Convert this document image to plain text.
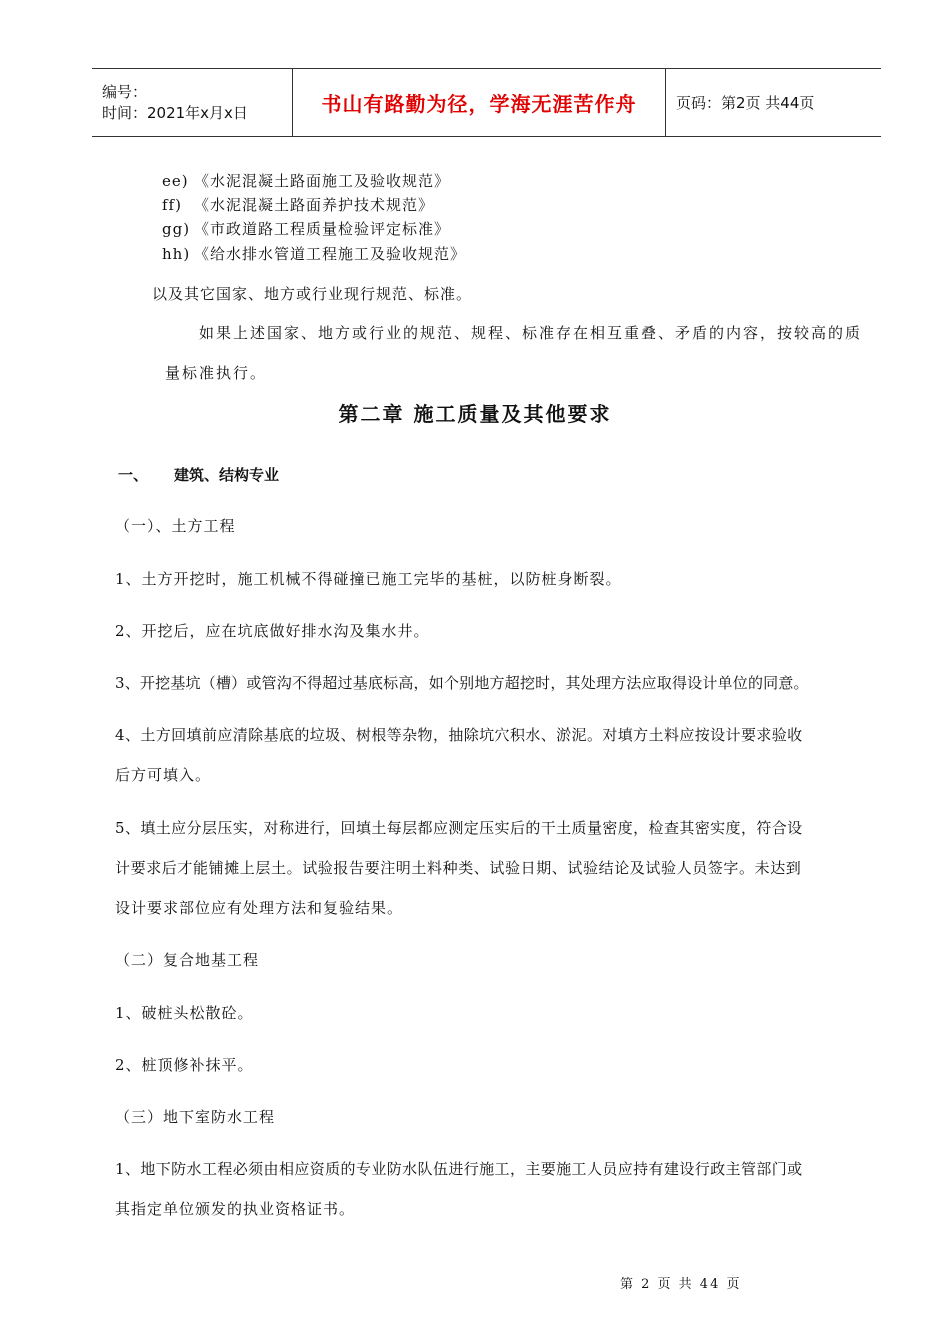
编号：
时间：2021年x月x日	书山有路勤为径，学海无涯苦作舟	页码：第2页 共44页
ee) 《水泥混凝土路面施工及验收规范》
ff) 《水泥混凝土路面养护技术规范》
gg) 《市政道路工程质量检验评定标准》
hh) 《给水排水管道工程施工及验收规范》
以及其它国家、地方或行业现行规范、标准。
如果上述国家、地方或行业的规范、规程、标准存在相互重叠、矛盾的内容，按较高的质
量标准执行。
第二章 施工质量及其他要求
一、 建筑、结构专业
（一）、土方工程
1、土方开挖时，施工机械不得碰撞已施工完毕的基桩，以防桩身断裂。
2、开挖后，应在坑底做好排水沟及集水井。
3、开挖基坑（槽）或管沟不得超过基底标高，如个别地方超挖时，其处理方法应取得设计单位的同意。
4、土方回填前应清除基底的垃圾、树根等杂物，抽除坑穴积水、淤泥。对填方土料应按设计要求验收
后方可填入。
5、填土应分层压实，对称进行，回填土每层都应测定压实后的干土质量密度，检查其密实度，符合设
计要求后才能铺摊上层土。试验报告要注明土料种类、试验日期、试验结论及试验人员签字。未达到
设计要求部位应有处理方法和复验结果。
（二）复合地基工程
1、破桩头松散砼。
2、桩顶修补抹平。
（三）地下室防水工程
1、地下防水工程必须由相应资质的专业防水队伍进行施工，主要施工人员应持有建设行政主管部门或
其指定单位颁发的执业资格证书。
第 2 页 共 44 页
